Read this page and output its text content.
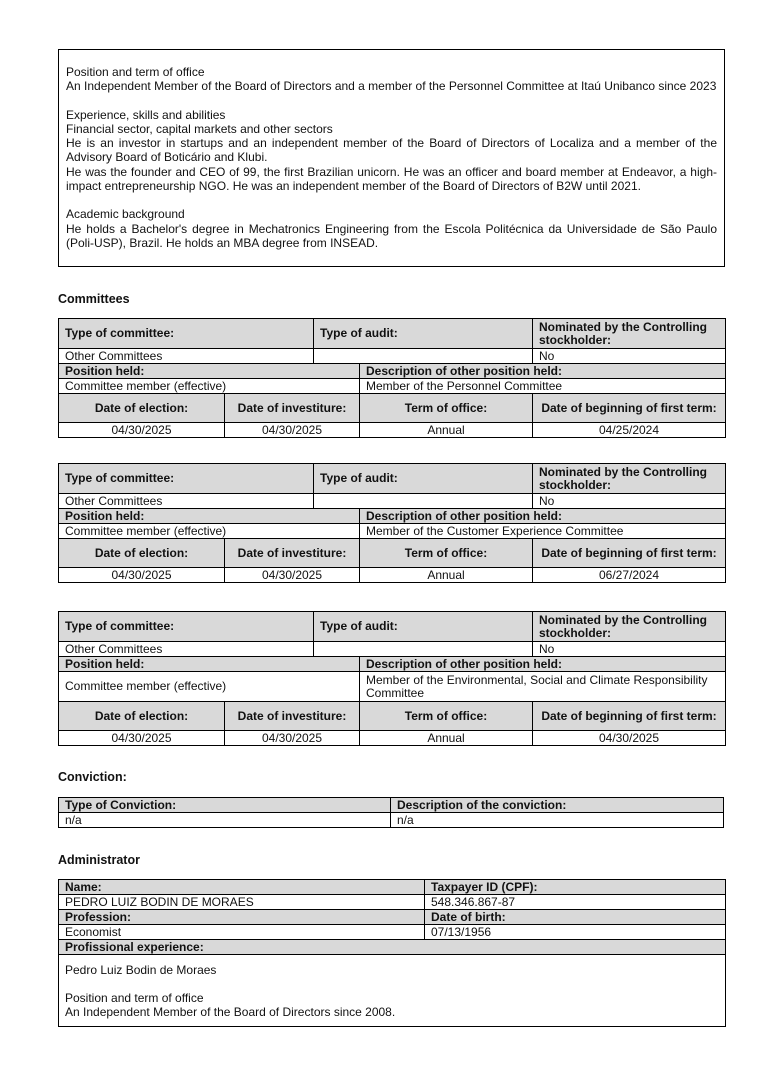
Position and term of office

An Independent Member of the Board of Directors and a member of the Personnel Committee at Itaú Unibanco since 2023

Experience, skills and abilities

Financial sector, capital markets and other sectors

He is an investor in startups and an independent member of the Board of Directors of Localiza and a member of the Advisory Board of Boticário and Klubi.

He was the founder and CEO of 99, the first Brazilian unicorn. He was an officer and board member at Endeavor, a high-impact entrepreneurship NGO. He was an independent member of the Board of Directors of B2W until 2021.

Academic background

He holds a Bachelor's degree in Mechatronics Engineering from the Escola Politécnica da Universidade de São Paulo (Poli-USP), Brazil. He holds an MBA degree from INSEAD.

Committees
Type of committee:		Type of audit:		Nominated by the Controlling stockholder:
Other Committees				No
Position held:			Description of other position held:	
Committee member (effective)			Member of the Personnel Committee	
Date of election:	Date of investiture:		Term of office:	Date of beginning of first term:
04/30/2025	04/30/2025		Annual	04/25/2024
Type of committee:		Type of audit:		Nominated by the Controlling stockholder:
Other Committees				No
Position held:			Description of other position held:	
Committee member (effective)			Member of the Customer Experience Committee	
Date of election:	Date of investiture:		Term of office:	Date of beginning of first term:
04/30/2025	04/30/2025		Annual	06/27/2024
Type of committee:		Type of audit:		Nominated by the Controlling stockholder:
Other Committees				No
Position held:			Description of other position held:	
Committee member (effective)			Member of the Environmental, Social and Climate Responsibility Committee	
Date of election:	Date of investiture:		Term of office:	Date of beginning of first term:
04/30/2025	04/30/2025		Annual	04/30/2025
Conviction:
Type of Conviction:	Description of the conviction:
n/a	n/a
Administrator
Name:	Taxpayer ID (CPF):
PEDRO LUIZ BODIN DE MORAES	548.346.867-87
Profession:	Date of birth:
Economist	07/13/1956
Profissional experience:	

Pedro Luiz Bodin de Moraes
Position and term of office
An Independent Member of the Board of Directors since 2008.	
